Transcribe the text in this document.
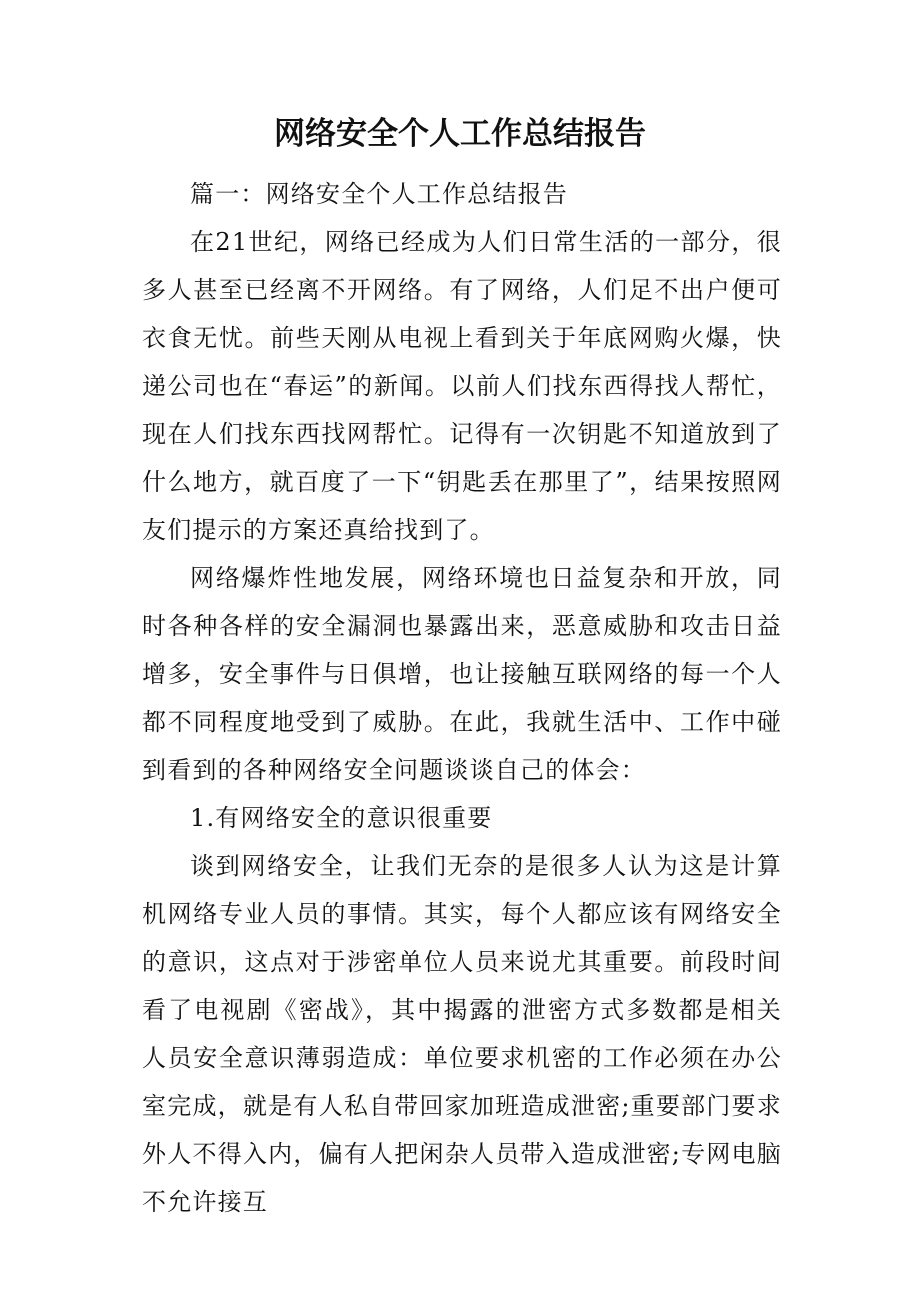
网络安全个人工作总结报告

篇一：网络安全个人工作总结报告

在21世纪，网络已经成为人们日常生活的一部分，很多人甚至已经离不开网络。有了网络，人们足不出户便可衣食无忧。前些天刚从电视上看到关于年底网购火爆，快递公司也在“春运”的新闻。以前人们找东西得找人帮忙，现在人们找东西找网帮忙。记得有一次钥匙不知道放到了什么地方，就百度了一下“钥匙丢在那里了”，结果按照网友们提示的方案还真给找到了。

网络爆炸性地发展，网络环境也日益复杂和开放，同时各种各样的安全漏洞也暴露出来，恶意威胁和攻击日益增多，安全事件与日俱增，也让接触互联网络的每一个人都不同程度地受到了威胁。在此，我就生活中、工作中碰到看到的各种网络安全问题谈谈自己的体会：

1.有网络安全的意识很重要

谈到网络安全，让我们无奈的是很多人认为这是计算机网络专业人员的事情。其实，每个人都应该有网络安全的意识，这点对于涉密单位人员来说尤其重要。前段时间看了电视剧《密战》，其中揭露的泄密方式多数都是相关人员安全意识薄弱造成：单位要求机密的工作必须在办公室完成，就是有人私自带回家加班造成泄密;重要部门要求外人不得入内，偏有人把闲杂人员带入造成泄密;专网电脑不允许接互
